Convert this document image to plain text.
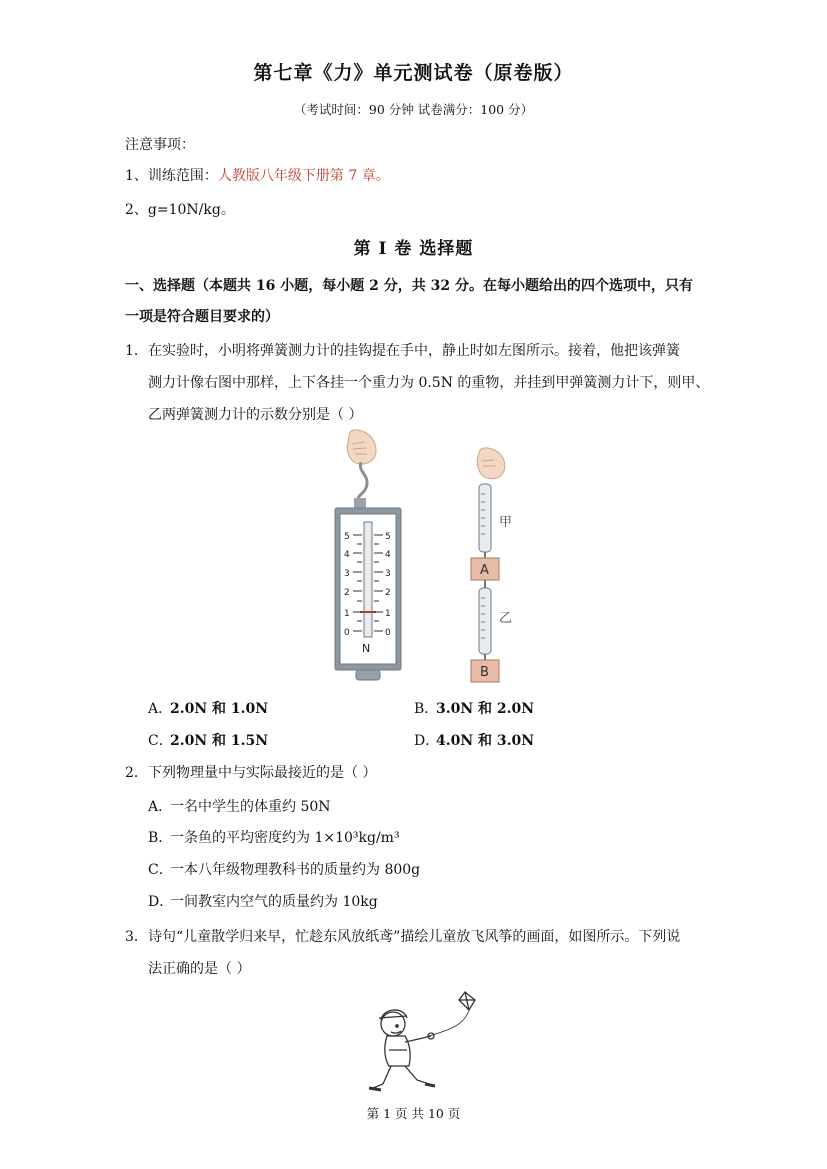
第七章《力》单元测试卷（原卷版）
（考试时间：90 分钟 试卷满分：100 分）
注意事项：
1、训练范围：人教版八年级下册第 7 章。
2、g=10N/kg。
第 I 卷 选择题
一、选择题（本题共 16 小题，每小题 2 分，共 32 分。在每小题给出的四个选项中，只有
一项是符合题目要求的）
1． 在实验时，小明将弹簧测力计的挂钩提在手中，静止时如左图所示。接着，他把该弹簧
测力计像右图中那样，上下各挂一个重力为 0.5N 的重物，并挂到甲弹簧测力计下，则甲、
乙两弹簧测力计的示数分别是（ ）
5
4
3
2
1
0
5
4
3
2
1
0
N
甲
A
乙
B
A．2.0N 和 1.0N	B．3.0N 和 2.0N
C．2.0N 和 1.5N	D．4.0N 和 3.0N
2． 下列物理量中与实际最接近的是（ ）
A．一名中学生的体重约 50N
B．一条鱼的平均密度约为 1×10³kg/m³
C．一本八年级物理教科书的质量约为 800g
D．一间教室内空气的质量约为 10kg
3． 诗句“儿童散学归来早，忙趁东风放纸鸢”描绘儿童放飞风筝的画面，如图所示。下列说
法正确的是（ ）
第 1 页 共 10 页
